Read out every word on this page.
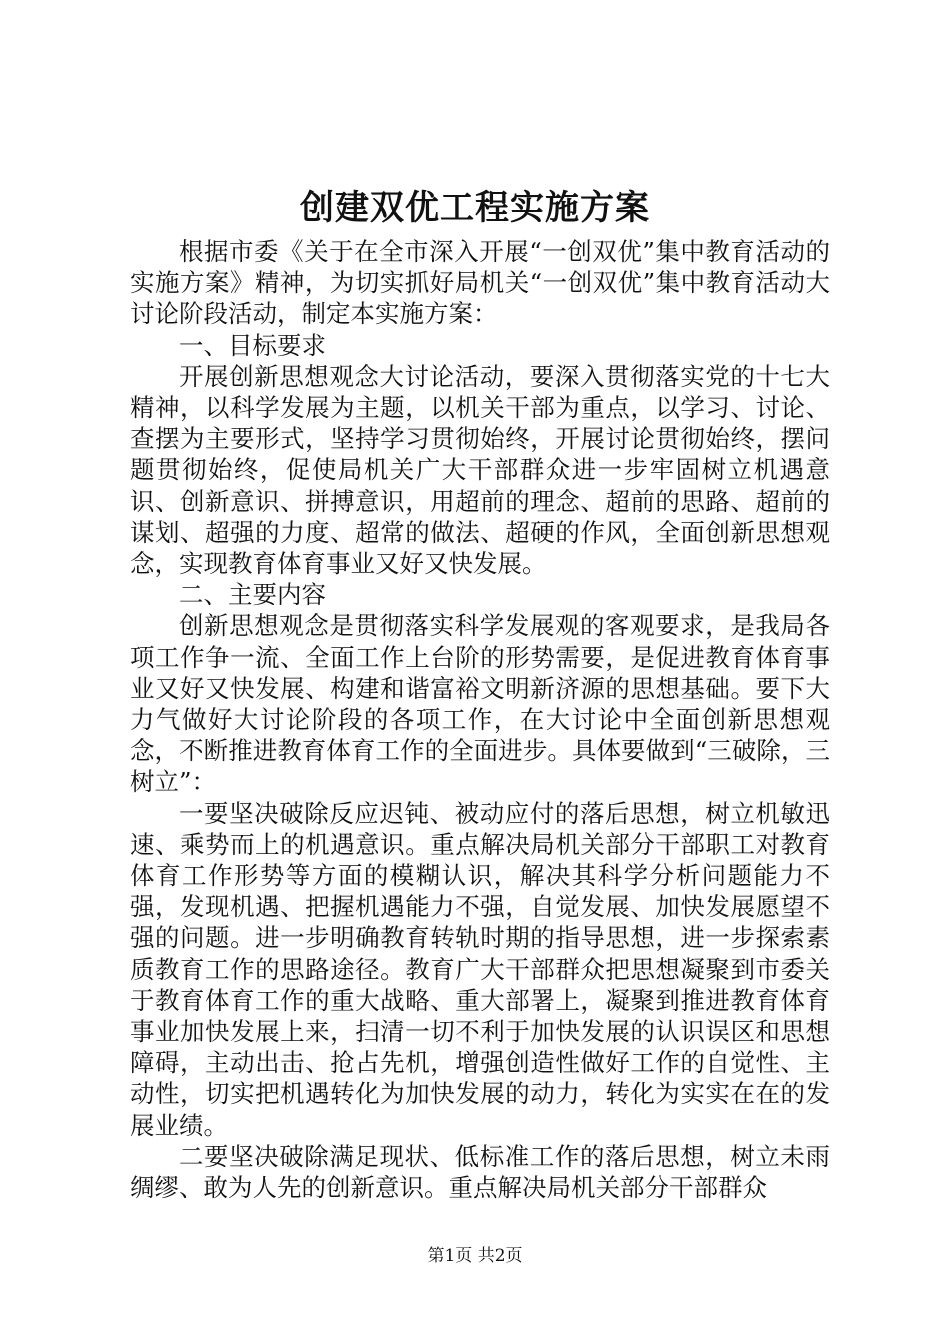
创建双优工程实施方案

根据市委《关于在全市深入开展“一创双优”集中教育活动的实施方案》精神，为切实抓好局机关“一创双优”集中教育活动大讨论阶段活动，制定本实施方案：

一、目标要求

开展创新思想观念大讨论活动，要深入贯彻落实党的十七大精神，以科学发展为主题，以机关干部为重点，以学习、讨论、查摆为主要形式，坚持学习贯彻始终，开展讨论贯彻始终，摆问题贯彻始终，促使局机关广大干部群众进一步牢固树立机遇意识、创新意识、拼搏意识，用超前的理念、超前的思路、超前的谋划、超强的力度、超常的做法、超硬的作风，全面创新思想观念，实现教育体育事业又好又快发展。

二、主要内容

创新思想观念是贯彻落实科学发展观的客观要求，是我局各项工作争一流、全面工作上台阶的形势需要，是促进教育体育事业又好又快发展、构建和谐富裕文明新济源的思想基础。要下大力气做好大讨论阶段的各项工作，在大讨论中全面创新思想观念，不断推进教育体育工作的全面进步。具体要做到“三破除，三树立”：

一要坚决破除反应迟钝、被动应付的落后思想，树立机敏迅速、乘势而上的机遇意识。重点解决局机关部分干部职工对教育体育工作形势等方面的模糊认识，解决其科学分析问题能力不强，发现机遇、把握机遇能力不强，自觉发展、加快发展愿望不强的问题。进一步明确教育转轨时期的指导思想，进一步探索素质教育工作的思路途径。教育广大干部群众把思想凝聚到市委关于教育体育工作的重大战略、重大部署上，凝聚到推进教育体育事业加快发展上来，扫清一切不利于加快发展的认识误区和思想障碍，主动出击、抢占先机，增强创造性做好工作的自觉性、主动性，切实把机遇转化为加快发展的动力，转化为实实在在的发展业绩。

二要坚决破除满足现状、低标准工作的落后思想，树立未雨绸缪、敢为人先的创新意识。重点解决局机关部分干部群众

第1页 共2页
